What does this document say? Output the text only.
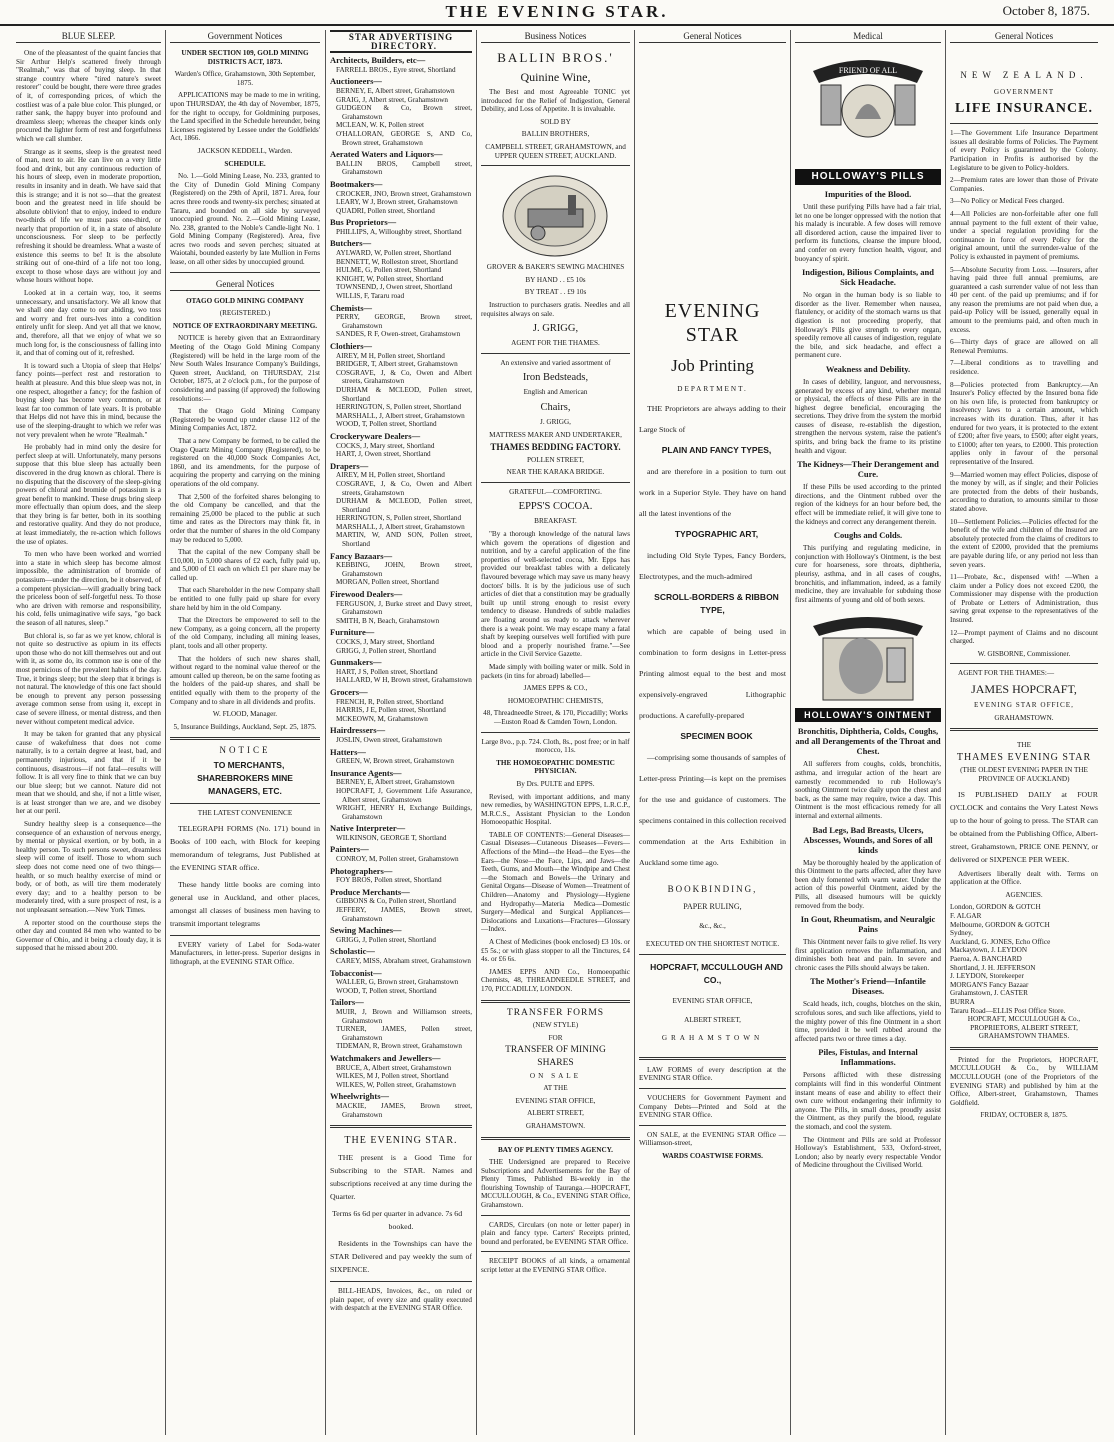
THE EVENING STAR.	October 8, 1875.
BLUE SLEEP.

One of the pleasantest of the quaint fancies that Sir Arthur Help's scattered freely through "Realmah," was that of buying sleep. In that strange country where "tired nature's sweet restorer" could be bought, there were three grades of it, of corresponding prices, of which the costliest was of a pale blue color. This plunged, or rather sank, the happy buyer into profound and dreamless sleep; whereas the cheaper kinds only procured the lighter form of rest and forgetfulness which we call slumber.

Strange as it seems, sleep is the greatest need of man, next to air. He can live on a very little food and drink, but any continuous reduction of his hours of sleep, even in moderate proportion, results in insanity and in death. We have said that this is strange; and it is not so—that the greatest boon and the greatest need in life should be absolute oblivion! that to enjoy, indeed to endure two-thirds of life we must pass one-third, or nearly that proportion of it, in a state of absolute unconsciousness. For sleep to be perfectly refreshing it should be dreamless. What a waste of existence this seems to be! It is the absolute striking out of one-third of a life not too long, except to those whose days are without joy and whose hours without hope.

Looked at in a certain way, too, it seems unnecessary, and unsatisfactory. We all know that we shall one day come to our abiding, wo toss and worry and fret ours-lves into a condition entirely unfit for sleep. And yet all that we know, and, therefore, all that we enjoy of what we so much long for, is the consciousness of falling into it, and that of coming out of it, refreshed.

It is toward such a Utopia of sleep that Helps' fancy points—perfect rest and restoration to health at pleasure. And this blue sleep was not, in one respect, altogether a fancy; for the fashion of buying sleep has become very common, or at least far too common of late years. It is probable that Helps did not have this in mind, because the use of the sleeping-draught to which we refer was not very prevalent when he wrote "Realmah."

He probably had in mind only the desire for perfect sleep at will. Unfortunately, many persons suppose that this blue sleep has actually been discovered in the drug known as chloral. There is no disputing that the discovery of the sleep-giving powers of chloral and bromide of potassium is a great benefit to mankind. These drugs bring sleep more effectually than opium does, and the sleep that they bring is far better, both in its soothing and restorative quality. And they do not produce, at least immediately, the re-action which follows the use of opiates.

To men who have been worked and worried into a state in which sleep has become almost impossible, the administration of bromide of potassium—under the direction, be it observed, of a competent physician—will gradually bring back the priceless boon of self-forgetful ness. To those who are driven with remorse and responsibility, his cold, fells unimaginative wife says, "go back the season of all natures, sleep."

But chloral is, so far as we yet know, chloral is not quite so destructive as opium in its effects upon those who do not kill themselves out and out with it, as some do, its common use is one of the most pernicious of the prevalent habits of the day. True, it brings sleep; but the sleep that it brings is not natural. The knowledge of this one fact should be enough to prevent any person possessing average common sense from using it, except in case of severe illness, or mental distress, and then never without competent medical advice.

It may be taken for granted that any physical cause of wakefulness that does not come naturally, is to a certain degree at least, bad, and permanently injurious, and that if it be continuous, disastrous—if not fatal—results will follow. It is all very fine to think that we can buy our blue sleep; but we cannot. Nature did not mean that we should, and she, if not a little wiser, is at least stronger than we are, and we disobey her at our peril.

Sundry healthy sleep is a consequence—the consequence of an exhaustion of nervous energy, by mental or physical exertion, or by both, in a healthy person. To such persons sweet, dreamless sleep will come of itself. Those to whom such sleep does not come need one of two things—health, or so much healthy exercise of mind or body, or of both, as will tire them moderately every day; and to a healthy person to be moderately tired, with a sure prospect of rest, is a not unpleasant sensation.—New York Times.

A reporter stood on the courthouse steps the other day and counted 84 men who wanted to be Governor of Ohio, and it being a cloudy day, it is supposed that he missed about 200.

Government Notices

UNDER SECTION 109, GOLD MINING DISTRICTS ACT, 1873.

Warden's Office, Grahamstown, 30th September, 1875.

APPLICATIONS may be made to me in writing, upon THURSDAY, the 4th day of November, 1875, for the right to occupy, for Goldmining purposes, the Land specified in the Schedule hereunder, being Licenses registered by Lessee under the Goldfields' Act, 1866.

JACKSON KEDDELL, Warden.

SCHEDULE.

No. 1.—Gold Mining Lease, No. 233, granted to the City of Dunedin Gold Mining Company (Registered) on the 29th of April, 1871. Area, four acres three roods and twenty-six perches; situated at Tararu, and bounded on all side by surveyed unoccupied ground. No. 2.—Gold Mining Lease, No. 238, granted to the Noble's Candle-light No. 1 Gold Mining Company (Registered). Area, five acres two roods and seven perches; situated at Waiotahi, bounded easterly by late Mullion in Ferns lease, on all other sides by unoccupied ground.

General Notices

OTAGO GOLD MINING COMPANY

(REGISTERED.)

NOTICE OF EXTRAORDINARY MEETING.

NOTICE is hereby given that an Extraordinary Meeting of the Otago Gold Mining Company (Registered) will be held in the large room of the New South Wales Insurance Company's Buildings, Queen street, Auckland, on THURSDAY, 21st October, 1875, at 2 o'clock p.m., for the purpose of considering and passing (if approved) the following resolutions:—

That the Otago Gold Mining Company (Registered) be wound up under clause 112 of the Mining Companies Act, 1872.

That a new Company be formed, to be called the Otago Quartz Mining Company (Registered), to be registered on the 40,000 Stock Companies Act, 1860, and its amendments, for the purpose of acquiring the property and carrying on the mining operations of the old company.

That 2,500 of the forfeited shares belonging to the old Company be cancelled, and that the remaining 25,000 be placed to the public at such time and rates as the Directors may think fit, in order that the number of shares in the old Company may be reduced to 5,000.

That the capital of the new Company shall be £10,000, in 5,000 shares of £2 each, fully paid up, and 5,000 of £1 each on which £1 per share may be called up.

That each Shareholder in the new Company shall be entitled to one fully paid up share for every share held by him in the old Company.

That the Directors be empowered to sell to the new Company, as a going concern, all the property of the old Company, including all mining leases, plant, tools and all other property.

That the holders of such new shares shall, without regard to the nominal value thereof or the amount called up thereon, be on the same footing as the holders of the paid-up shares, and shall be entitled equally with them to the property of the Company and to share in all dividends and profits.

W. FLOOD, Manager.

5, Insurance Buildings, Auckland, Sept. 25, 1875.

NOTICE

TO MERCHANTS, SHAREBROKERS MINE MANAGERS, ETC.

THE LATEST CONVENIENCE

TELEGRAPH FORMS (No. 171) bound in Books of 100 each, with Block for keeping memorandum of telegrams, Just Published at the EVENING STAR office.

These handy little books are coming into general use in Auckland, and other places, amongst all classes of business men having to transmit important telegrams

EVERY variety of Label for Soda-water Manufacturers, in letter-press. Superior designs in lithograph, at the EVENING STAR Office.

STAR ADVERTISING DIRECTORY.
Architects, Builders, etc—
FARRELL BROS., Eyre street, Shortland
Auctioneers—
BERNEY, E, Albert street, Grahamstown
GRAIG, J, Albert street, Grahamstown
GUDGEON & Co, Brown street, Grahamstown
MCLEAN, W. K, Pollen street
O'HALLORAN, GEORGE S, AND Co, Brown street, Grahamstown
Aerated Waters and Liquors—
BALLIN BROS, Campbell street, Grahamstown
Bootmakers—
CROCKER, JNO, Brown street, Grahamstown
LEARY, W J, Brown street, Grahamstown
QUADRI, Pollen street, Shortland
Bus Proprietors—
PHILLIPS, A, Willoughby street, Shortland
Butchers—
AYLWARD, W, Pollen street, Shortland
BENNETT, W, Rolleston street, Shortland
HULME, G, Pollen street, Shortland
KNIGHT, W, Pollen street, Shortland
TOWNSEND, J, Owen street, Shortland
WILLIS, F, Tararu road
Chemists—
PERRY, GEORGE, Brown street, Grahamstown
SANDES, R F, Owen-street, Grahamstown
Clothiers—
AIREY, M H, Pollen street, Shortland
BRIDGER, T, Albert street, Grahamstown
COSGRAVE, J, & Co, Owen and Albert streets, Grahamstown
DURHAM & MCLEOD, Pollen street, Shortland
HERRINGTON, S, Pollen street, Shortland
MARSHALL, J, Albert street, Grahamstown
WOOD, T, Pollen street, Shortland
Crockeryware Dealers—
COCKS, J, Mary street, Shortland
HART, J, Owen street, Shortland
Drapers—
AIREY, M H, Pollen street, Shortland
COSGRAVE, J, & Co, Owen and Albert streets, Grahamstown
DURHAM & MCLEOD, Pollen street, Shortland
HERRINGTON, S, Pollen street, Shortland
MARSHALL, J, Albert street, Grahamstown
MARTIN, W, AND SON, Pollen street, Shortland
Fancy Bazaars—
KEBBING, JOHN, Brown street, Grahamstown
MORGAN, Pollen street, Shortland
Firewood Dealers—
FERGUSON, J, Burke street and Davy street, Grahamstown
SMITH, B N, Beach, Grahamstown
Furniture—
COCKS, J, Mary street, Shortland
GRIGG, J, Pollen street, Shortland
Gunmakers—
HART, J S, Pollen street, Shortland
HALLARD, W H, Brown street, Grahamstown
Grocers—
FRENCH, R, Pollen street, Shortland
HARRIS, J E, Pollen street, Shortland
MCKEOWN, M, Grahamstown
Hairdressers—
JOSLIN, Owen street, Grahamstown
Hatters—
GREEN, W, Brown street, Grahamstown
Insurance Agents—
BERNEY, E, Albert street, Grahamstown
HOPCRAFT, J, Government Life Assurance, Albert street, Grahamstown
WRIGHT, HENRY H, Exchange Buildings, Grahamstown
Native Interpreter—
WILKINSON, GEORGE T, Shortland
Painters—
CONROY, M, Pollen street, Grahamstown
Photographers—
FOY BROS, Pollen street, Shortland
Produce Merchants—
GIBBONS & Co, Pollen street, Shortland
JEFFERY, JAMES, Brown street, Grahamstown
Sewing Machines—
GRIGG, J, Pollen street, Shortland
Scholastic—
CAREY, MISS, Abraham street, Grahamstown
Tobacconist—
WALLER, G, Brown street, Grahamstown
WOOD, T, Pollen street, Shortland
Tailors—
MUIR, J, Brown and Williamson streets, Grahamstown
TURNER, JAMES, Pollen street, Grahamstown
TIDEMAN, R, Brown street, Grahamstown
Watchmakers and Jewellers—
BRUCE, A, Albert street, Grahamstown
WILKES, M J, Pollen street, Shortland
WILKES, W, Pollen street, Grahamstown
Wheelwrights—
MACKIE, JAMES, Brown street, Grahamstown

THE EVENING STAR.

THE present is a Good Time for Subscribing to the STAR. Names and subscriptions received at any time during the Quarter.

Terms 6s 6d per quarter in advance. 7s 6d     booked.

Residents in the Townships can have the STAR Delivered and pay weekly the sum of SIXPENCE.

BILL-HEADS, Invoices, &c., on ruled or plain paper, of every size and quality executed with despatch at the EVENING STAR Office.

Business Notices

BALLIN BROS.'

Quinine Wine,

The Best and most Agreeable TONIC yet introduced for the Relief of Indigestion, General Debility, and Loss of Appetite. It is invaluable.

SOLD BY

BALLIN BROTHERS,

CAMPBELL STREET, GRAHAMSTOWN, and UPPER QUEEN STREET, AUCKLAND.

GROVER & BAKER'S SEWING MACHINES

BY HAND . . £5 10s

BY TREAT . . £9 10s

Instruction to purchasers gratis. Needles and all requisites always on sale.

J. GRIGG,

AGENT FOR THE THAMES.

An extensive and varied assortment of

Iron Bedsteads,

English and American

Chairs,

J. GRIGG,

MATTRESS MAKER AND UNDERTAKER,

THAMES BEDDING FACTORY.

POLLEN STREET,

NEAR THE KARAKA BRIDGE.

GRATEFUL—COMFORTING.

EPPS'S COCOA.

BREAKFAST.

"By a thorough knowledge of the natural laws which govern the operations of digestion and nutrition, and by a careful application of the fine properties of well-selected cocoa, Mr. Epps has provided our breakfast tables with a delicately flavoured beverage which may save us many heavy doctors' bills. It is by the judicious use of such articles of diet that a constitution may be gradually built up until strong enough to resist every tendency to disease. Hundreds of subtle maladies are floating around us ready to attack wherever there is a weak point. We may escape many a fatal shaft by keeping ourselves well fortified with pure blood and a properly nourished frame."—See article in the Civil Service Gazette.

Made simply with boiling water or milk. Sold in packets (in tins for abroad) labelled—

JAMES EPPS & CO.,

HOMOEOPATHIC CHEMISTS,

48, Threadneedle Street, & 170, Piccadilly; Works—Euston Road & Camden Town, London.

Large 8vo., p.p. 724. Cloth, 8s., post free; or in half morocco, 11s.

THE HOMOEOPATHIC DOMESTIC PHYSICIAN.

By Drs. PULTE and EPPS.

Revised, with important additions, and many new remedies, by WASHINGTON EPPS, L.R.C.P., M.R.C.S., Assistant Physician to the London Homoeopathic Hospital.

TABLE OF CONTENTS:—General Diseases—Casual Diseases—Cutaneous Diseases—Fevers—Affections of the Mind—the Head—the Eyes—the Ears—the Nose—the Face, Lips, and Jaws—the Teeth, Gums, and Mouth—the Windpipe and Chest—the Stomach and Bowels—the Urinary and Genital Organs—Disease of Women—Treatment of Children—Anatomy and Physiology—Hygiene and Hydropathy—Materia Medica—Domestic Surgery—Medical and Surgical Appliances—Dislocations and Luxations—Fractures—Glossary—Index.

A Chest of Medicines (book enclosed) £3 10s. or £5 5s.; or with glass stopper to all the Tinctures, £4 4s. or £6 6s.

JAMES EPPS AND Co., Homoeopathic Chemists, 48, THREADNEEDLE STREET, and 170, PICCADILLY, LONDON.

TRANSFER FORMS

(NEW STYLE)

FOR

TRANSFER OF MINING

SHARES

ON SALE

AT THE

EVENING STAR OFFICE,

ALBERT STREET,

GRAHAMSTOWN.

BAY OF PLENTY TIMES AGENCY.

THE Undersigned are prepared to Receive Subscriptions and Advertisements for the Bay of Plenty Times, Published Bi-weekly in the flourishing Township of Tauranga.—HOPCRAFT, MCCULLOUGH, & Co., EVENING STAR Office, Grahamstown.

CARDS, Circulars (on note or letter paper) in plain and fancy type. Carters' Receipts printed, bound and perforated, be EVENING STAR Office.

RECEIPT BOOKS of all kinds, a ornamental script letter at the EVENING STAR Office.

General Notices

EVENING STAR

Job Printing

DEPARTMENT.

THE Proprietors are always adding to their Large Stock of

PLAIN AND FANCY TYPES,

and are therefore in a position to turn out work in a Superior Style. They have on hand all the latest inventions of the

TYPOGRAPHIC ART,

including Old Style Types, Fancy Borders, Electrotypes, and the much-admired

SCROLL-BORDERS & RIBBON TYPE,

which are capable of being used in combination to form designs in Letter-press Printing almost equal to the best and most expensively-engraved Lithographic productions. A carefully-prepared

SPECIMEN BOOK

—comprising some thousands of samples of Letter-press Printing—is kept on the premises for the use and guidance of customers. The specimens contained in this collection received commendation at the Arts Exhibition in Auckland some time ago.

BOOKBINDING,

PAPER RULING,

&c., &c.,

EXECUTED ON THE SHORTEST NOTICE.

HOPCRAFT, MCCULLOUGH AND CO.,

EVENING STAR OFFICE,

ALBERT STREET,

GRAHAMSTOWN

LAW FORMS of every description at the EVENING STAR Office.

VOUCHERS for Government Payment and Company Debts—Printed and Sold at the EVENING STAR Office.

ON SALE, at the EVENING STAR Office —Williamson-street,

WARDS COASTWISE FORMS.

Medical
FRIEND OF ALL
HOLLOWAY'S PILLS

Impurities of the Blood.

Until these purifying Pills have had a fair trial, let no one be longer oppressed with the notion that his malady is incurable. A few doses will remove all disordered action, cause the impaired liver to perform its functions, cleanse the impure blood, and confer on every function health, vigour, and buoyancy of spirit.

Indigestion, Bilious Complaints, and Sick Headache.

No organ in the human body is so liable to disorder as the liver. Remember when nausea, flatulency, or acidity of the stomach warns us that digestion is not proceeding properly, that Holloway's Pills give strength to every organ, speedily remove all causes of indigestion, regulate the bile, and sick headache, and effect a permanent cure.

Weakness and Debility.

In cases of debility, languor, and nervousness, generated by excess of any kind, whether mental or physical, the effects of these Pills are in the highest degree beneficial, encouraging the secretions. They drive from the system the morbid causes of disease, re-establish the digestion, strengthen the nervous system, raise the patient's spirits, and bring back the frame to its pristine health and vigour.

The Kidneys—Their Derangement and Cure.

If these Pills be used according to the printed directions, and the Ointment rubbed over the region of the kidneys for an hour before bed, the effect will be immediate relief, it will give tone to the kidneys and correct any derangement therein.

Coughs and Colds.

This purifying and regulating medicine, in conjunction with Holloway's Ointment, is the best cure for hoarseness, sore throats, diphtheria, pleurisy, asthma, and in all cases of coughs, bronchitis, and inflammation, indeed, as a family medicine, they are invaluable for subduing those first ailments of young and old of both sexes.

HOLLOWAY'S OINTMENT

Bronchitis, Diphtheria, Colds, Coughs, and all Derangements of the Throat and Chest.

All sufferers from coughs, colds, bronchitis, asthma, and irregular action of the heart are earnestly recommended to rub Holloway's soothing Ointment twice daily upon the chest and back, as the same may require, twice a day. This Ointment is the most efficacious remedy for all internal and external ailments.

Bad Legs, Bad Breasts, Ulcers, Abscesses, Wounds, and Sores of all kinds

May be thoroughly healed by the application of this Ointment to the parts affected, after they have been duly fomented with warm water. Under the action of this powerful Ointment, aided by the Pills, all diseased humours will be quickly removed from the body.

In Gout, Rheumatism, and Neuralgic Pains

This Ointment never fails to give relief. Its very first application removes the inflammation, and diminishes both heat and pain. In severe and chronic cases the Pills should always be taken.

The Mother's Friend—Infantile Diseases.

Scald heads, itch, coughs, blotches on the skin, scrofulous sores, and such like affections, yield to the mighty power of this fine Ointment in a short time, provided it be well rubbed around the affected parts two or three times a day.

Piles, Fistulas, and Internal Inflammations.

Persons afflicted with these distressing complaints will find in this wonderful Ointment instant means of ease and ability to effect their own cure without endangering their infirmity to anyone. The Pills, in small doses, proudly assist the Ointment, as they purify the blood, regulate the stomach, and cool the system.

The Ointment and Pills are sold at Professor Holloway's Establishment, 533, Oxford-street, London; also by nearly every respectable Vendor of Medicine throughout the Civilised World.

General Notices

NEW ZEALAND.

GOVERNMENT

LIFE INSURANCE.

1—The Government Life Insurance Department issues all desirable forms of Policies. The Payment of every Policy is guaranteed by the Colony. Participation in Profits is authorised by the Legislature to be given to Policy-holders.

2—Premium rates are lower than those of Private Companies.

3—No Policy or Medical Fees charged.

4—All Policies are non-forfeitable after one full annual payment to the full extent of their value, under a special regulation providing for the continuance in force of every Policy for the original amount, until the surrender-value of the Policy is exhausted in payment of premiums.

5—Absolute Security from Loss. —Insurers, after having paid three full annual premiums, are guaranteed a cash surrender value of not less than 40 per cent. of the paid up premiums; and if for any reason the premiums are not paid when due, a paid-up Policy will be issued, generally equal in amount to the premiums paid, and often much in excess.

6—Thirty days of grace are allowed on all Renewal Premiums.

7—Liberal conditions as to travelling and residence.

8—Policies protected from Bankruptcy.—An Insurer's Policy effected by the Insured bona fide on his own life, is protected from bankruptcy or insolvency laws to a certain amount, which increases with its duration. Thus, after it has endured for two years, it is protected to the extent of £200; after five years, to £500; after eight years, to £1000; after ten years, to £2000. This protection applies only in favour of the personal representative of the Insured.

9—Married women may effect Policies, dispose of the money by will, as if single; and their Policies are protected from the debts of their husbands, according to duration, to amounts similar to those stated above.

10—Settlement Policies.—Policies effected for the benefit of the wife and children of the Insured are absolutely protected from the claims of creditors to the extent of £2000, provided that the premiums are payable during life, or any period not less than seven years.

11—Probate, &c., dispensed with! —When a claim under a Policy does not exceed £200, the Commissioner may dispense with the production of Probate or Letters of Administration, thus saving great expense to the representatives of the Insured.

12—Prompt payment of Claims and no discount charged.

W. GISBORNE, Commissioner.

AGENT FOR THE THAMES:—

JAMES HOPCRAFT,

EVENING STAR OFFICE,

GRAHAMSTOWN.

THE

THAMES EVENING STAR

(THE OLDEST EVENING PAPER IN THE PROVINCE OF AUCKLAND)

IS PUBLISHED DAILY at FOUR O'CLOCK and contains the Very Latest News up to the hour of going to press. The STAR can be obtained from the Publishing Office, Albert-street, Grahamstown, PRICE ONE PENNY, or delivered or SIXPENCE PER WEEK.

Advertisers liberally dealt with. Terms on application at the Office.

AGENCIES.

London, GORDON & GOTCH
F. ALGAR
Melbourne, GORDON & GOTCH
Sydney,
Auckland, G. JONES, Echo Office
Mackaytown, J. LEYDON
Paeroa, A. BANCHARD
Shortland, J. H. JEFFERSON
J. LEYDON, Storekeeper
MORGAN'S Fancy Bazaar
Grahamstown, J. CASTER
BURRA
Tararu Road—ELLIS Post Office Store.

HOPCRAFT, MCCULLOUGH & Co., PROPRIETORS, ALBERT STREET, GRAHAMSTOWN THAMES.

Printed for the Proprietors, HOPCRAFT, MCCULLOUGH & Co., by WILLIAM MCCULLOUGH (one of the Proprietors of the EVENING STAR) and published by him at the Office, Albert-street, Grahamstown, Thames Goldfield.

FRIDAY, OCTOBER 8, 1875.
